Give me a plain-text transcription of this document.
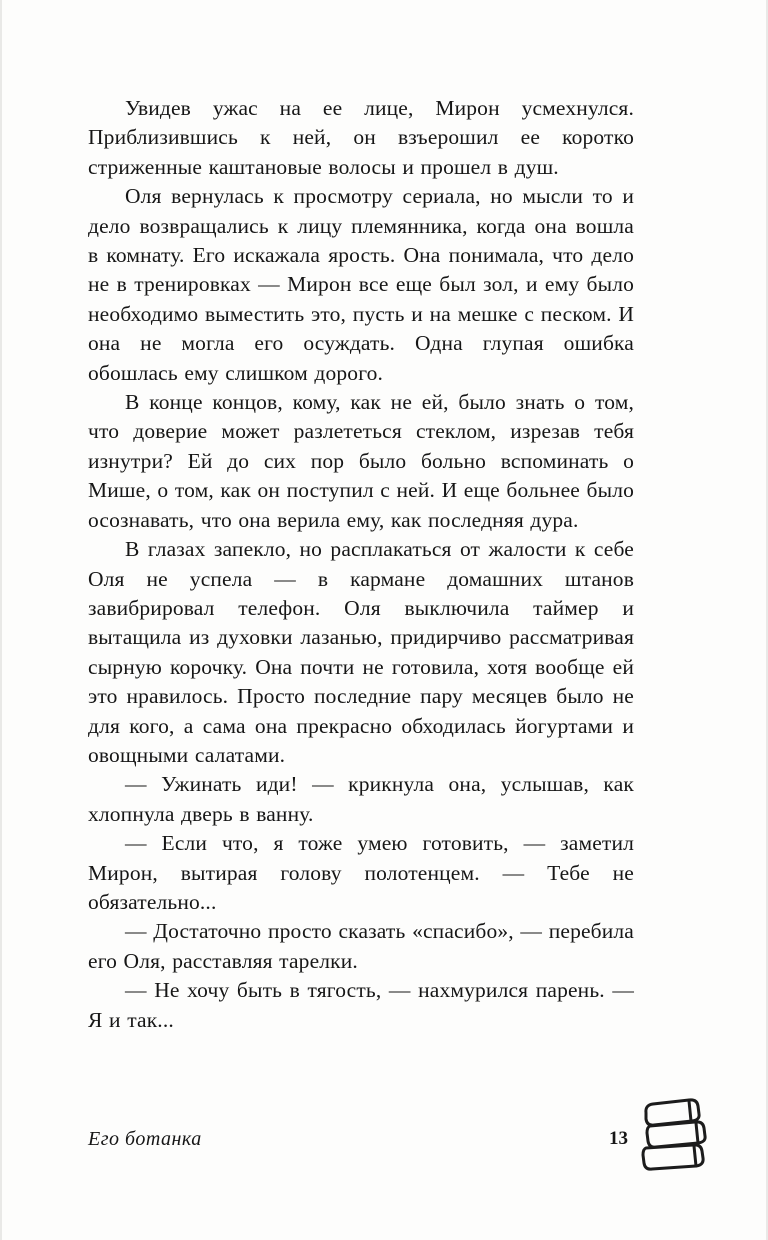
Увидев ужас на ее лице, Мирон усмехнулся. Приблизившись к ней, он взъерошил ее коротко стриженные каштановые волосы и прошел в душ.

Оля вернулась к просмотру сериала, но мысли то и дело возвращались к лицу племянника, когда она вошла в комнату. Его искажала ярость. Она понимала, что дело не в тренировках — Мирон все еще был зол, и ему было необходимо выместить это, пусть и на мешке с песком. И она не могла его осуждать. Одна глупая ошибка обошлась ему слишком дорого.

В конце концов, кому, как не ей, было знать о том, что доверие может разлететься стеклом, изрезав тебя изнутри? Ей до сих пор было больно вспоминать о Мише, о том, как он поступил с ней. И еще больнее было осознавать, что она верила ему, как последняя дура.

В глазах запекло, но расплакаться от жалости к себе Оля не успела — в кармане домашних штанов завибрировал телефон. Оля выключила таймер и вытащила из духовки лазанью, придирчиво рассматривая сырную корочку. Она почти не готовила, хотя вообще ей это нравилось. Просто последние пару месяцев было не для кого, а сама она прекрасно обходилась йогуртами и овощными салатами.

— Ужинать иди! — крикнула она, услышав, как хлопнула дверь в ванну.

— Если что, я тоже умею готовить, — заметил Мирон, вытирая голову полотенцем. — Тебе не обязательно...

— Достаточно просто сказать «спасибо», — перебила его Оля, расставляя тарелки.

— Не хочу быть в тягость, — нахмурился парень. — Я и так...

Его ботанка	13
